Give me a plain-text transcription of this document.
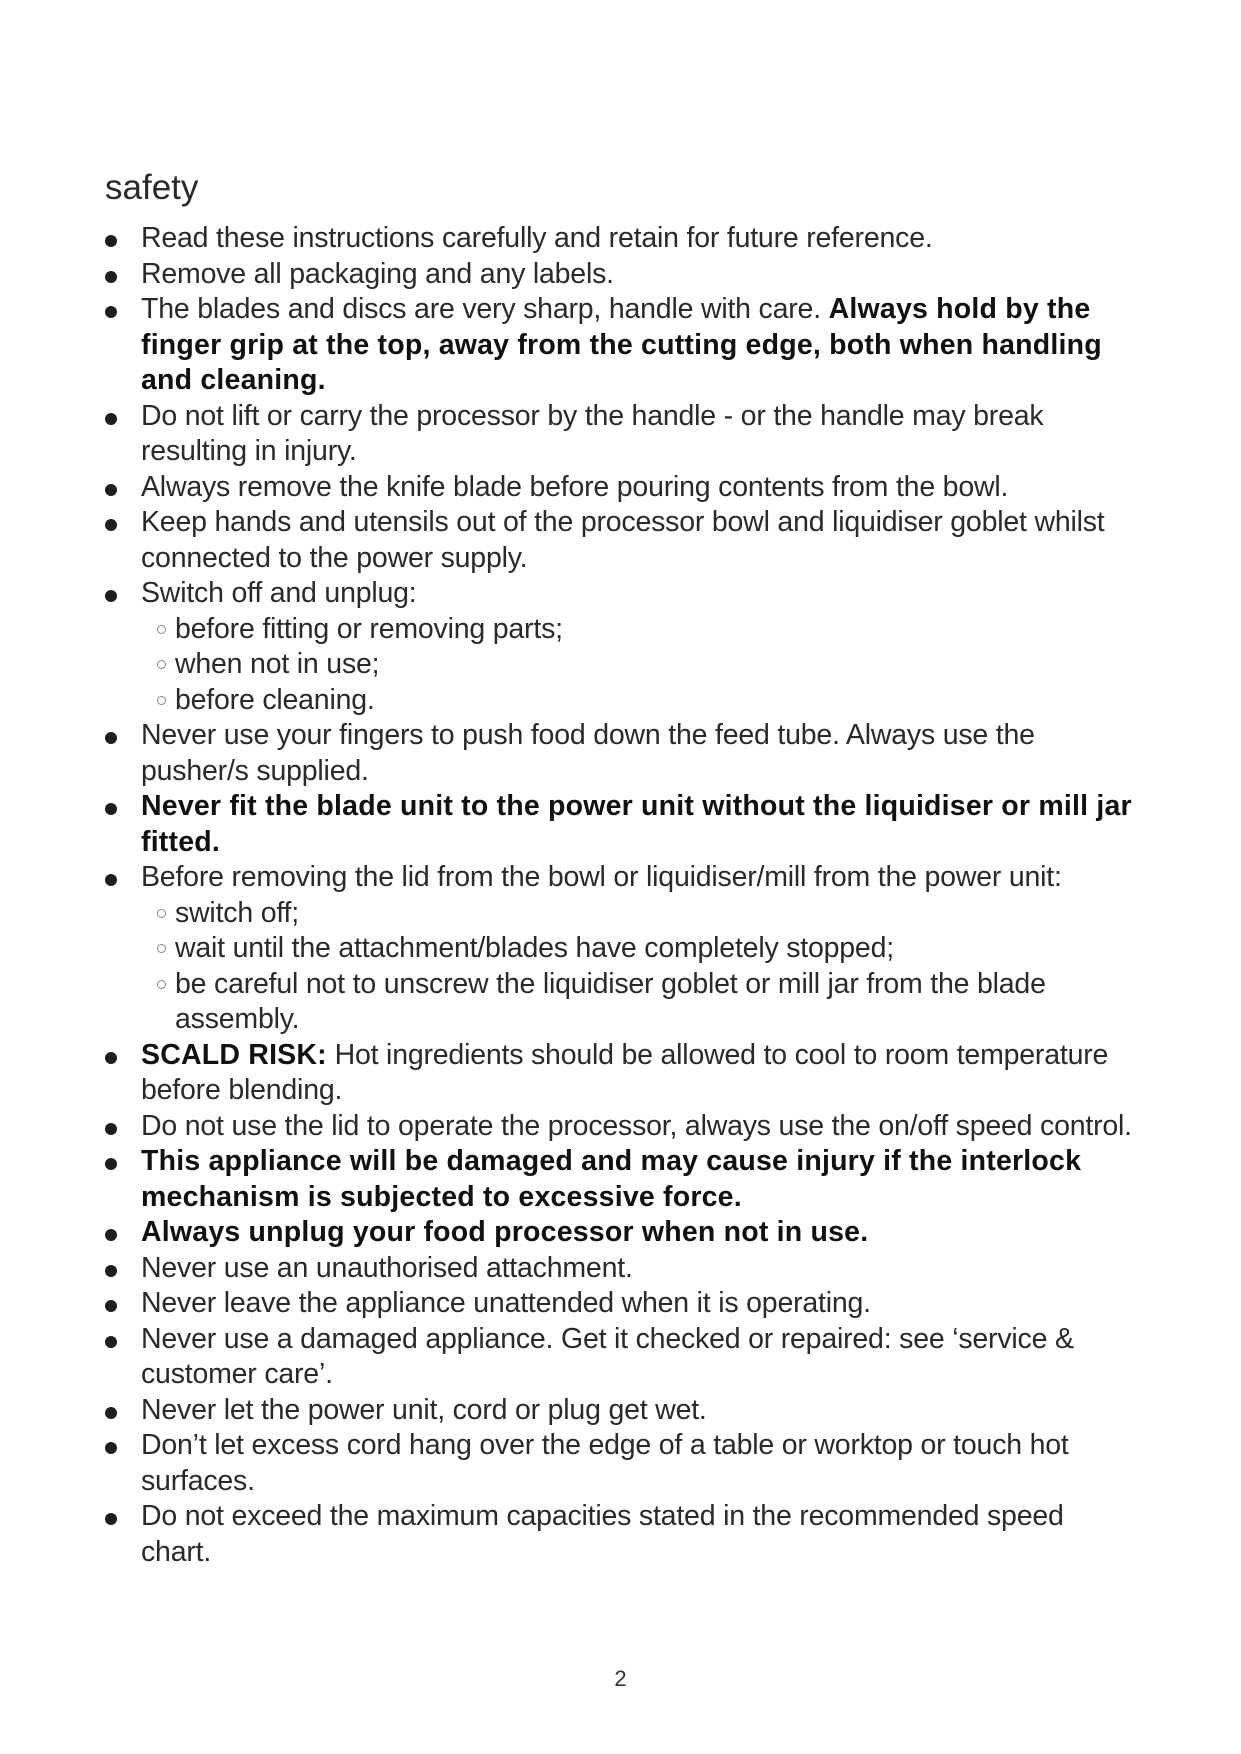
safety
Read these instructions carefully and retain for future reference.
Remove all packaging and any labels.
The blades and discs are very sharp, handle with care. Always hold by the finger grip at the top, away from the cutting edge, both when handling and cleaning.
Do not lift or carry the processor by the handle - or the handle may break resulting in injury.
Always remove the knife blade before pouring contents from the bowl.
Keep hands and utensils out of the processor bowl and liquidiser goblet whilst connected to the power supply.
Switch off and unplug:
before fitting or removing parts;
when not in use;
before cleaning.
Never use your fingers to push food down the feed tube. Always use the pusher/s supplied.
Never fit the blade unit to the power unit without the liquidiser or mill jar fitted.
Before removing the lid from the bowl or liquidiser/mill from the power unit:
switch off;
wait until the attachment/blades have completely stopped;
be careful not to unscrew the liquidiser goblet or mill jar from the blade assembly.
SCALD RISK: Hot ingredients should be allowed to cool to room temperature before blending.
Do not use the lid to operate the processor, always use the on/off speed control.
This appliance will be damaged and may cause injury if the interlock mechanism is subjected to excessive force.
Always unplug your food processor when not in use.
Never use an unauthorised attachment.
Never leave the appliance unattended when it is operating.
Never use a damaged appliance. Get it checked or repaired: see ‘service & customer care’.
Never let the power unit, cord or plug get wet.
Don’t let excess cord hang over the edge of a table or worktop or touch hot surfaces.
Do not exceed the maximum capacities stated in the recommended speed chart.
2
